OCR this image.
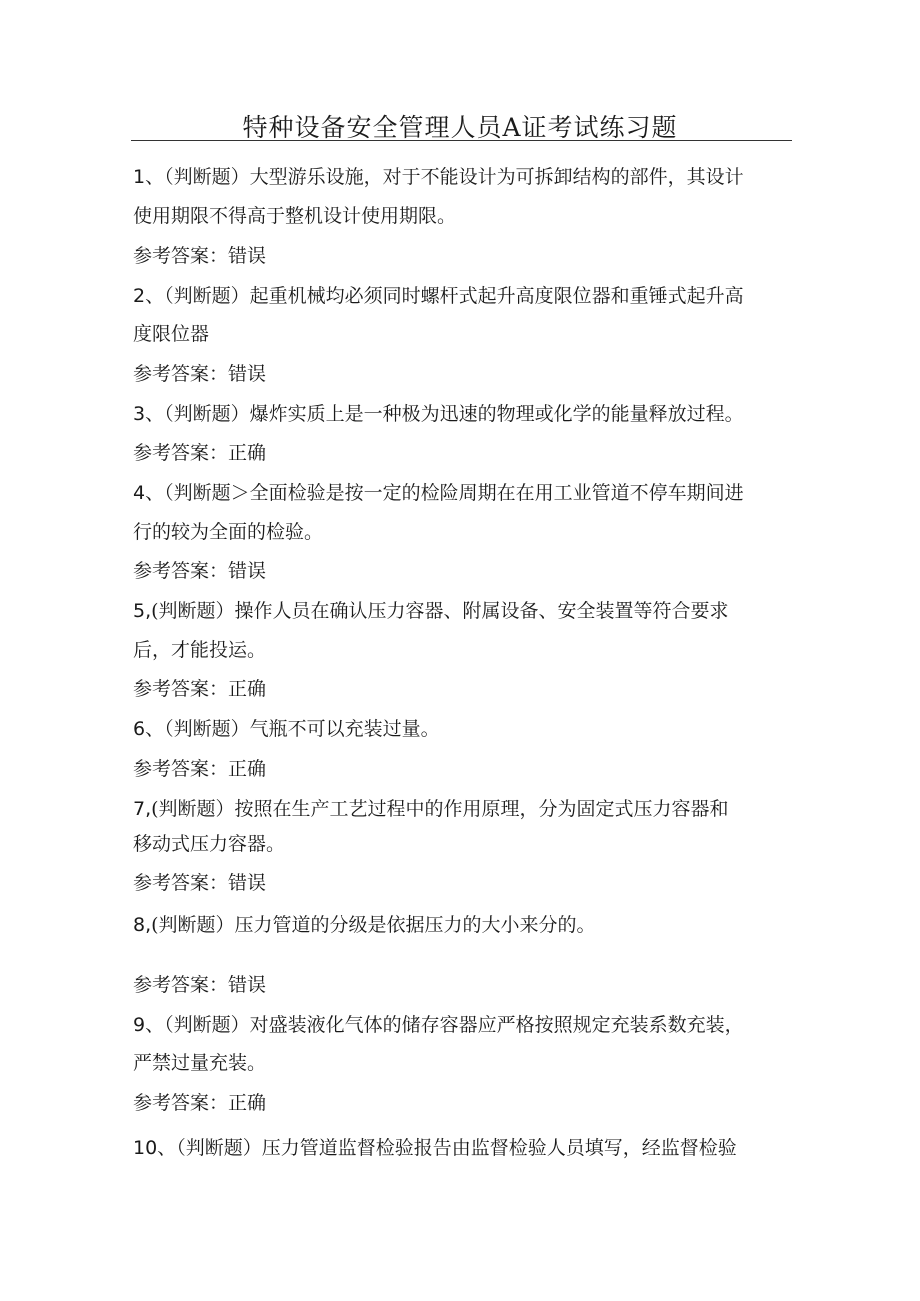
特种设备安全管理人员A证考试练习题
1、（判断题）大型游乐设施，对于不能设计为可拆卸结构的部件，其设计
使用期限不得高于整机设计使用期限。
参考答案：错误
2、（判断题）起重机械均必须同时螺杆式起升高度限位器和重锤式起升高
度限位器
参考答案：错误
3、（判断题）爆炸实质上是一种极为迅速的物理或化学的能量释放过程。
参考答案：正确
4、（判断题＞全面检验是按一定的检险周期在在用工业管道不停车期间进
行的较为全面的检验。
参考答案：错误
5,(判断题）操作人员在确认压力容器、附属设备、安全装置等符合要求
后，才能投运。
参考答案：正确
6、（判断题）气瓶不可以充装过量。
参考答案：正确
7,(判断题）按照在生产工艺过程中的作用原理，分为固定式压力容器和
移动式压力容器。
参考答案：错误
8,(判断题）压力管道的分级是依据压力的大小来分的。
参考答案：错误
9、（判断题）对盛装液化气体的储存容器应严格按照规定充装系数充装，
严禁过量充装。
参考答案：正确
10、（判断题）压力管道监督检验报告由监督检验人员填写，经监督检验
